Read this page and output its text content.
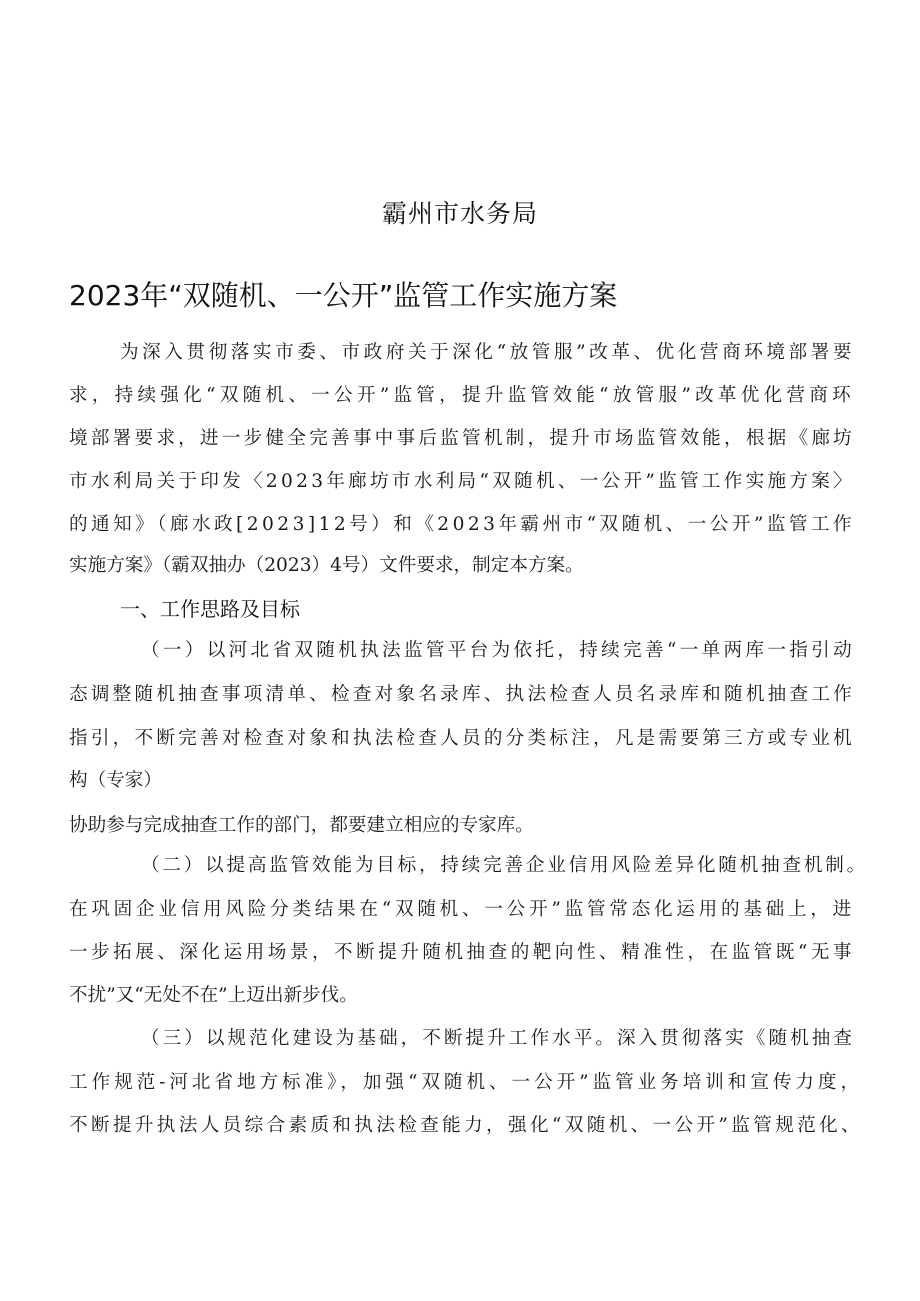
霸州市水务局
2023年“双随机、一公开”监管工作实施方案
为深入贯彻落实市委、市政府关于深化“放管服”改革、优化营商环境部署要
求，持续强化“双随机、一公开”监管，提升监管效能“放管服”改革优化营商环
境部署要求，进一步健全完善事中事后监管机制，提升市场监管效能，根据《廊坊
市水利局关于印发〈2023年廊坊市水利局“双随机、一公开”监管工作实施方案〉
的通知》（廊水政[2023]12号）和《2023年霸州市“双随机、一公开”监管工作
实施方案》（霸双抽办（2023）4号）文件要求，制定本方案。
一、工作思路及目标
（一）以河北省双随机执法监管平台为依托，持续完善“一单两库一指引动
态调整随机抽查事项清单、检查对象名录库、执法检查人员名录库和随机抽查工作
指引，不断完善对检查对象和执法检查人员的分类标注，凡是需要第三方或专业机
构（专家）
协助参与完成抽查工作的部门，都要建立相应的专家库。
（二）以提高监管效能为目标，持续完善企业信用风险差异化随机抽查机制。
在巩固企业信用风险分类结果在“双随机、一公开”监管常态化运用的基础上，进
一步拓展、深化运用场景，不断提升随机抽查的靶向性、精准性，在监管既“无事
不扰”又“无处不在”上迈出新步伐。
（三）以规范化建设为基础，不断提升工作水平。深入贯彻落实《随机抽查
工作规范-河北省地方标准》，加强“双随机、一公开”监管业务培训和宣传力度，
不断提升执法人员综合素质和执法检查能力，强化“双随机、一公开”监管规范化、
